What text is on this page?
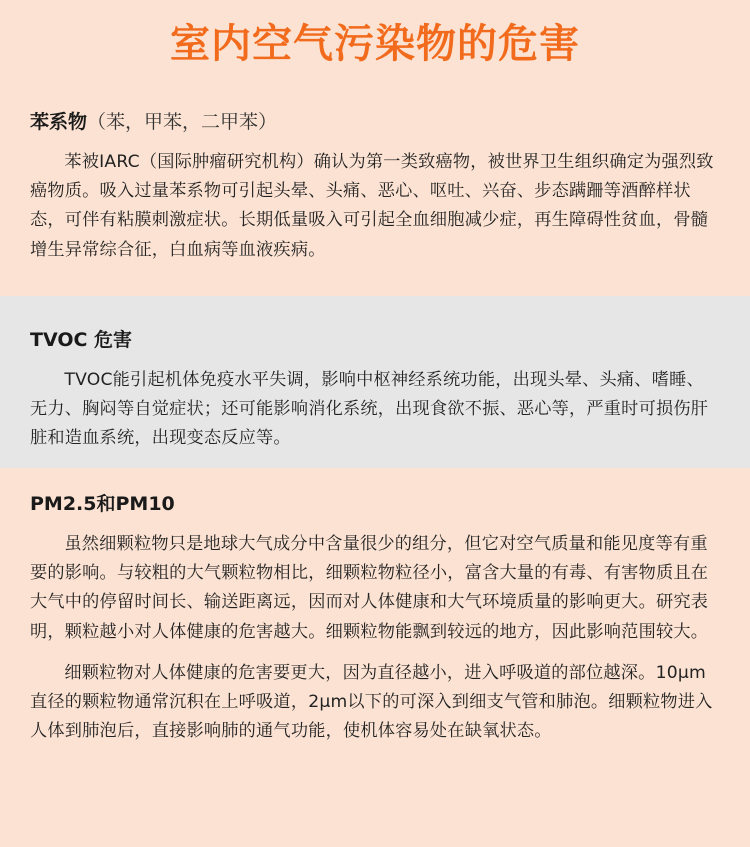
室内空气污染物的危害
苯系物（苯，甲苯，二甲苯）

苯被IARC（国际肿瘤研究机构）确认为第一类致癌物，被世界卫生组织确定为强烈致癌物质。吸入过量苯系物可引起头晕、头痛、恶心、呕吐、兴奋、步态蹒跚等酒醉样状态，可伴有粘膜刺激症状。长期低量吸入可引起全血细胞减少症，再生障碍性贫血，骨髓增生异常综合征，白血病等血液疾病。

TVOC 危害

TVOC能引起机体免疫水平失调，影响中枢神经系统功能，出现头晕、头痛、嗜睡、无力、胸闷等自觉症状；还可能影响消化系统，出现食欲不振、恶心等，严重时可损伤肝脏和造血系统，出现变态反应等。

PM2.5和PM10

虽然细颗粒物只是地球大气成分中含量很少的组分，但它对空气质量和能见度等有重要的影响。与较粗的大气颗粒物相比，细颗粒物粒径小，富含大量的有毒、有害物质且在大气中的停留时间长、输送距离远，因而对人体健康和大气环境质量的影响更大。研究表明，颗粒越小对人体健康的危害越大。细颗粒物能飘到较远的地方，因此影响范围较大。

细颗粒物对人体健康的危害要更大，因为直径越小，进入呼吸道的部位越深。10μm直径的颗粒物通常沉积在上呼吸道，2μm以下的可深入到细支气管和肺泡。细颗粒物进入人体到肺泡后，直接影响肺的通气功能，使机体容易处在缺氧状态。
